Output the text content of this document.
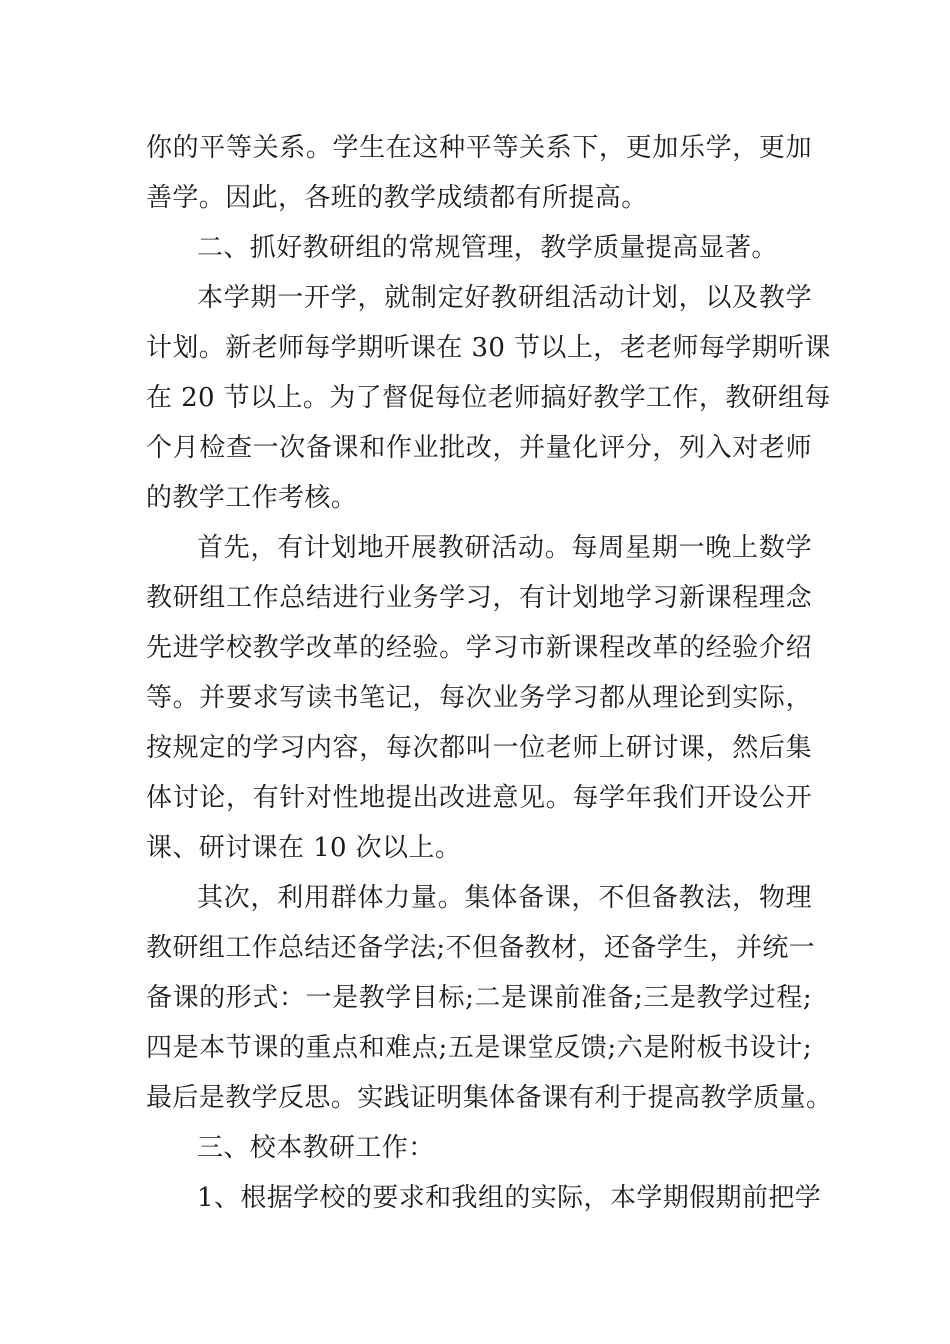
你的平等关系。学生在这种平等关系下，更加乐学，更加
善学。因此，各班的教学成绩都有所提高。
二、抓好教研组的常规管理，教学质量提高显著。
本学期一开学，就制定好教研组活动计划，以及教学
计划。新老师每学期听课在 30 节以上，老老师每学期听课
在 20 节以上。为了督促每位老师搞好教学工作，教研组每
个月检查一次备课和作业批改，并量化评分，列入对老师
的教学工作考核。
首先，有计划地开展教研活动。每周星期一晚上数学
教研组工作总结进行业务学习，有计划地学习新课程理念
先进学校教学改革的经验。学习市新课程改革的经验介绍
等。并要求写读书笔记，每次业务学习都从理论到实际，
按规定的学习内容，每次都叫一位老师上研讨课，然后集
体讨论，有针对性地提出改进意见。每学年我们开设公开
课、研讨课在 10 次以上。
其次，利用群体力量。集体备课，不但备教法，物理
教研组工作总结还备学法;不但备教材，还备学生，并统一
备课的形式：一是教学目标;二是课前准备;三是教学过程;
四是本节课的重点和难点;五是课堂反馈;六是附板书设计;
最后是教学反思。实践证明集体备课有利于提高教学质量。
三、校本教研工作：
1、根据学校的要求和我组的实际，本学期假期前把学
